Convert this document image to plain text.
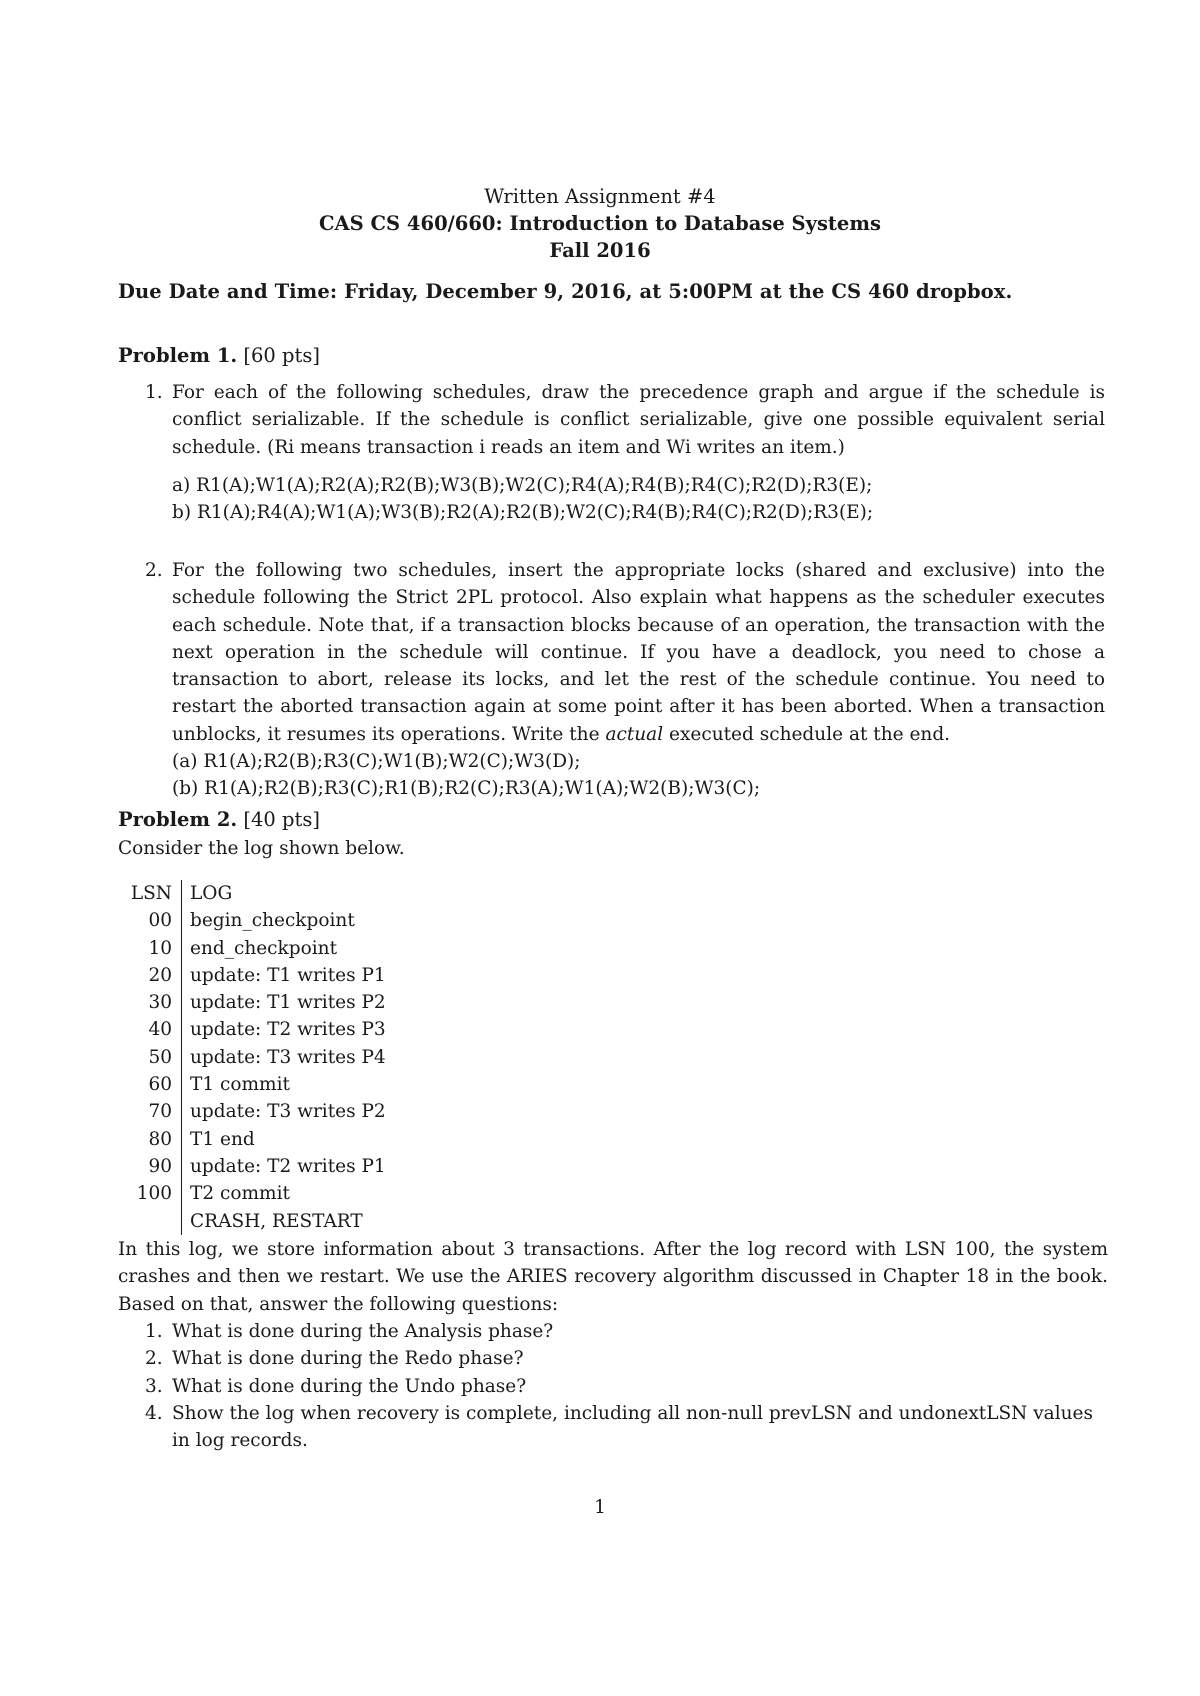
Written Assignment #4
CAS CS 460/660: Introduction to Database Systems
Fall 2016
Due Date and Time: Friday, December 9, 2016, at 5:00PM at the CS 460 dropbox.
Problem 1. [60 pts]
1. For each of the following schedules, draw the precedence graph and argue if the schedule is conflict serializable. If the schedule is conflict serializable, give one possible equivalent serial schedule. (Ri means transaction i reads an item and Wi writes an item.)
a) R1(A);W1(A);R2(A);R2(B);W3(B);W2(C);R4(A);R4(B);R4(C);R2(D);R3(E);
b) R1(A);R4(A);W1(A);W3(B);R2(A);R2(B);W2(C);R4(B);R4(C);R2(D);R3(E);
2. For the following two schedules, insert the appropriate locks (shared and exclusive) into the schedule following the Strict 2PL protocol. Also explain what happens as the scheduler executes each schedule. Note that, if a transaction blocks because of an operation, the transaction with the next operation in the schedule will continue. If you have a deadlock, you need to chose a transaction to abort, release its locks, and let the rest of the schedule continue. You need to restart the aborted transaction again at some point after it has been aborted. When a transaction unblocks, it resumes its operations. Write the actual executed schedule at the end.
(a) R1(A);R2(B);R3(C);W1(B);W2(C);W3(D);
(b) R1(A);R2(B);R3(C);R1(B);R2(C);R3(A);W1(A);W2(B);W3(C);
Problem 2. [40 pts]
Consider the log shown below.
LSN	LOG
00	begin_checkpoint
10	end_checkpoint
20	update: T1 writes P1
30	update: T1 writes P2
40	update: T2 writes P3
50	update: T3 writes P4
60	T1 commit
70	update: T3 writes P2
80	T1 end
90	update: T2 writes P1
100	T2 commit
	CRASH, RESTART
In this log, we store information about 3 transactions. After the log record with LSN 100, the system crashes and then we restart. We use the ARIES recovery algorithm discussed in Chapter 18 in the book. Based on that, answer the following questions:
1. What is done during the Analysis phase?
2. What is done during the Redo phase?
3. What is done during the Undo phase?
4. Show the log when recovery is complete, including all non-null prevLSN and undonextLSN values in log records.
1
